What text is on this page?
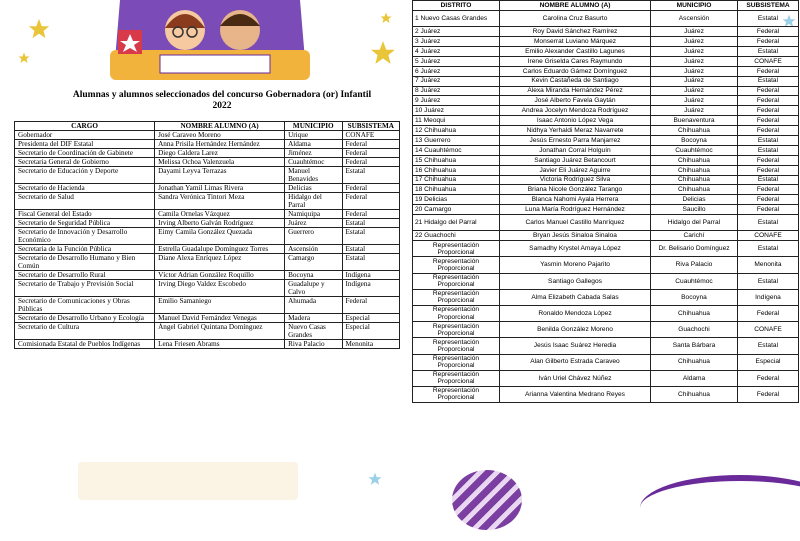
Alumnas y alumnos seleccionados del concurso Gobernadora (or) Infantil
2022
CARGO	NOMBRE ALUMNO (A)	MUNICIPIO	SUBSISTEMA
Gobernador	José Caraveo Moreno	Urique	CONAFE
Presidenta del DIF Estatal	Anna Prisila Hernández Hernández	Aldama	Federal
Secretario de Coordinación de Gabinete	Diego Caldera Larez	Jiménez	Federal
Secretaria General de Gobierno	Melissa Ochoa Valenzuela	Cuauhtémoc	Federal
Secretario de Educación y Deporte	Dayami Leyva Terrazas	Manuel Benavides	Estatal
Secretario de Hacienda	Jonathan Yamil Limas Rivera	Delicias	Federal
Secretario de Salud	Sandra Verónica Tintori Meza	Hidalgo del Parral	Federal
Fiscal General del Estado	Camila Ornelas Vázquez	Namiquipa	Federal
Secretario de Seguridad Pública	Irving Alberto Galván Rodríguez	Juárez	Estatal
Secretario de Innovación y Desarrollo Económico	Eimy Camila González Quezada	Guerrero	Estatal
Secretaria de la Función Pública	Estrella Guadalupe Domínguez Torres	Ascensión	Estatal
Secretario de Desarrollo Humano y Bien Común	Diane Alexa Enríquez López	Camargo	Estatal
Secretario de Desarrollo Rural	Víctor Adrian González Roquillo	Bocoyna	Indígena
Secretario de Trabajo y Previsión Social	Irving Diego Valdez Escobedo	Guadalupe y Calvo	Indígena
Secretario de Comunicaciones y Obras Públicas	Emilio Samaniego	Ahumada	Federal
Secretario de Desarrollo Urbano y Ecología	Manuel David Fernández Venegas	Madera	Especial
Secretario de Cultura	Ángel Gabriel Quintana Domínguez	Nuevo Casas Grandes	Especial
Comisionada Estatal de Pueblos Indígenas	Lena Friesen Abrams	Riva Palacio	Menonita
DISTRITO	NOMBRE ALUMNO (A)	MUNICIPIO	SUBSISTEMA
1 Nuevo Casas Grandes	Carolina Cruz Basurto	Ascensión	Estatal
2 Juárez	Roy David Sánchez Ramírez	Juárez	Federal
3 Juárez	Monserrat Luviano Márquez	Juárez	Federal
4 Juárez	Emilio Alexander Castillo Lagunes	Juárez	Estatal
5 Juárez	Irene Griselda Cares Raymundo	Juárez	CONAFE
6 Juárez	Carlos Eduardo Gámez Domínguez	Juárez	Federal
7 Juárez	Kevin Castañeda de Santiago	Juárez	Estatal
8 Juárez	Alexa Miranda Hernández Pérez	Juárez	Federal
9 Juárez	José Alberto Favela Gaytán	Juárez	Federal
10 Juárez	Andrea Jocelyn Mendoza Rodríguez	Juárez	Federal
11 Meoqui	Isaac Antonio López Vega	Buenaventura	Federal
12 Chihuahua	Nidhya Yerhaldi Meraz Navarrete	Chihuahua	Federal
13 Guerrero	Jesús Ernesto Parra Manjarrez	Bocoyna	Estatal
14 Cuauhtémoc	Jonathan Corral Holguín	Cuauhtémoc	Estatal
15 Chihuahua	Santiago Juárez Betancourt	Chihuahua	Federal
16 Chihuahua	Javier Eli Juárez Aguirre	Chihuahua	Federal
17 Chihuahua	Victoria Rodríguez Silva	Chihuahua	Estatal
18 Chihuahua	Briana Nicole González Tarango	Chihuahua	Federal
19 Delicias	Blanca Nahomi Ayala Herrera	Delicias	Federal
20 Camargo	Luna María Rodríguez Hernández	Saucillo	Federal
21 Hidalgo del Parral	Carlos Manuel Castillo Manríquez	Hidalgo del Parral	Estatal
22 Guachochi	Bryan Jesús Sinaloa Sinaloa	Carichí	CONAFE
Representación Proporcional	Samadhy Krystel Amaya López	Dr. Belisario Domínguez	Estatal
Representación Proporcional	Yasmin Moreno Pajarito	Riva Palacio	Menonita
Representación Proporcional	Santiago Gallegos	Cuauhtémoc	Estatal
Representación Proporcional	Alma Elizabeth Cabada Salas	Bocoyna	Indígena
Representación Proporcional	Ronaldo Mendoza López	Chihuahua	Federal
Representación Proporcional	Benilda González Moreno	Guachochi	CONAFE
Representación Proporcional	Jesús Isaac Suárez Heredia	Santa Bárbara	Estatal
Representación Proporcional	Alan Gilberto Estrada Caraveo	Chihuahua	Especial
Representación Proporcional	Iván Uriel Chávez Núñez	Aldama	Federal
Representación Proporcional	Arianna Valentina Medrano Reyes	Chihuahua	Federal
